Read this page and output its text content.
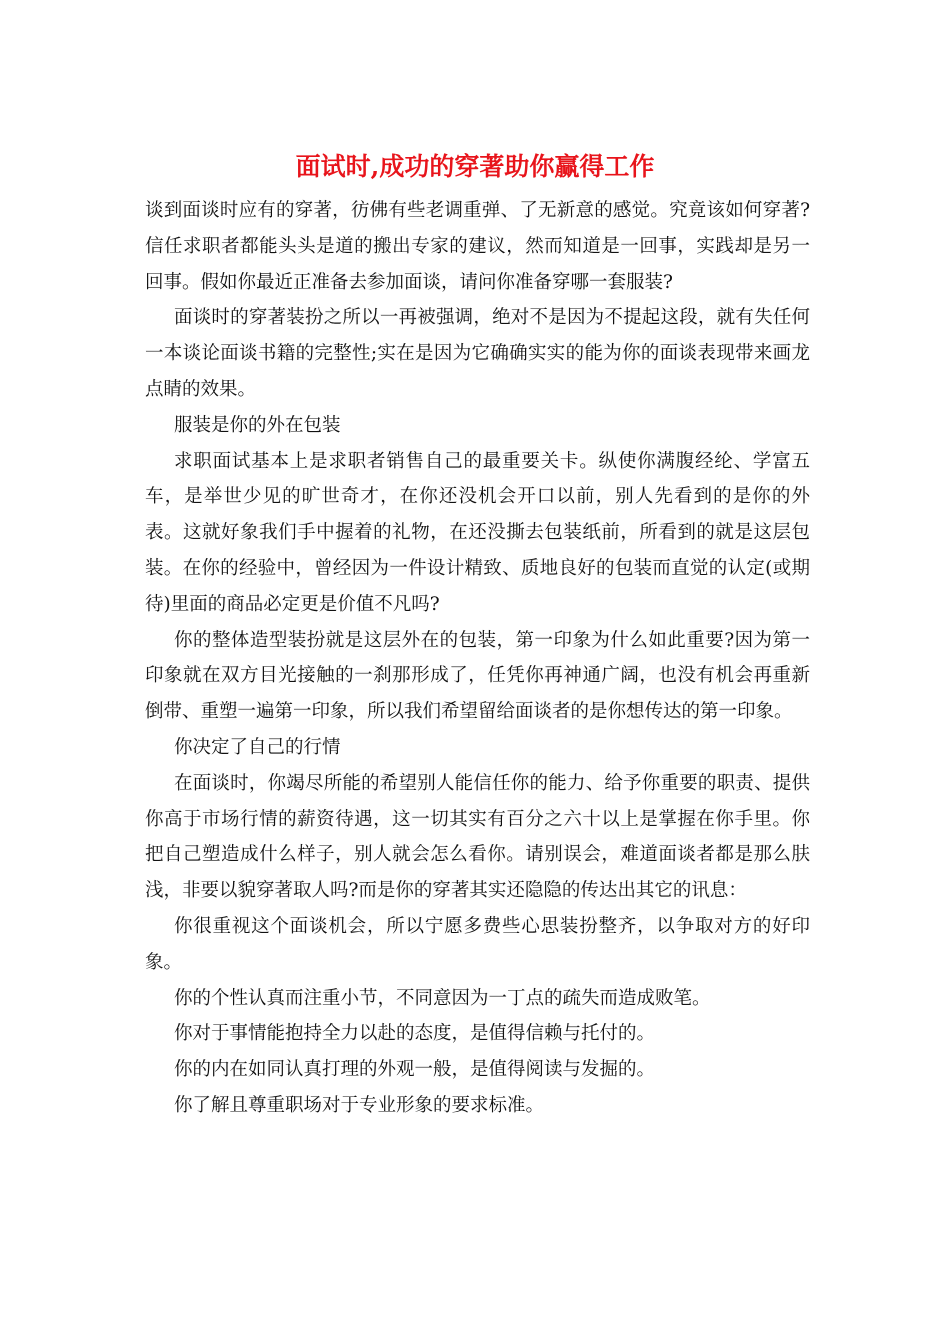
面试时,成功的穿著助你赢得工作

谈到面谈时应有的穿著，彷佛有些老调重弹、了无新意的感觉。究竟该如何穿著?信任求职者都能头头是道的搬出专家的建议，然而知道是一回事，实践却是另一回事。假如你最近正准备去参加面谈，请问你准备穿哪一套服装?

面谈时的穿著装扮之所以一再被强调，绝对不是因为不提起这段，就有失任何一本谈论面谈书籍的完整性;实在是因为它确确实实的能为你的面谈表现带来画龙点睛的效果。

服装是你的外在包装

求职面试基本上是求职者销售自己的最重要关卡。纵使你满腹经纶、学富五车，是举世少见的旷世奇才，在你还没机会开口以前，别人先看到的是你的外表。这就好象我们手中握着的礼物，在还没撕去包装纸前，所看到的就是这层包装。在你的经验中，曾经因为一件设计精致、质地良好的包装而直觉的认定(或期待)里面的商品必定更是价值不凡吗?

你的整体造型装扮就是这层外在的包装，第一印象为什么如此重要?因为第一印象就在双方目光接触的一刹那形成了，任凭你再神通广阔，也没有机会再重新倒带、重塑一遍第一印象，所以我们希望留给面谈者的是你想传达的第一印象。

你决定了自己的行情

在面谈时，你竭尽所能的希望别人能信任你的能力、给予你重要的职责、提供你高于市场行情的薪资待遇，这一切其实有百分之六十以上是掌握在你手里。你把自己塑造成什么样子，别人就会怎么看你。请别误会，难道面谈者都是那么肤浅，非要以貌穿著取人吗?而是你的穿著其实还隐隐的传达出其它的讯息：

你很重视这个面谈机会，所以宁愿多费些心思装扮整齐，以争取对方的好印象。

你的个性认真而注重小节，不同意因为一丁点的疏失而造成败笔。

你对于事情能抱持全力以赴的态度，是值得信赖与托付的。

你的内在如同认真打理的外观一般，是值得阅读与发掘的。

你了解且尊重职场对于专业形象的要求标准。
